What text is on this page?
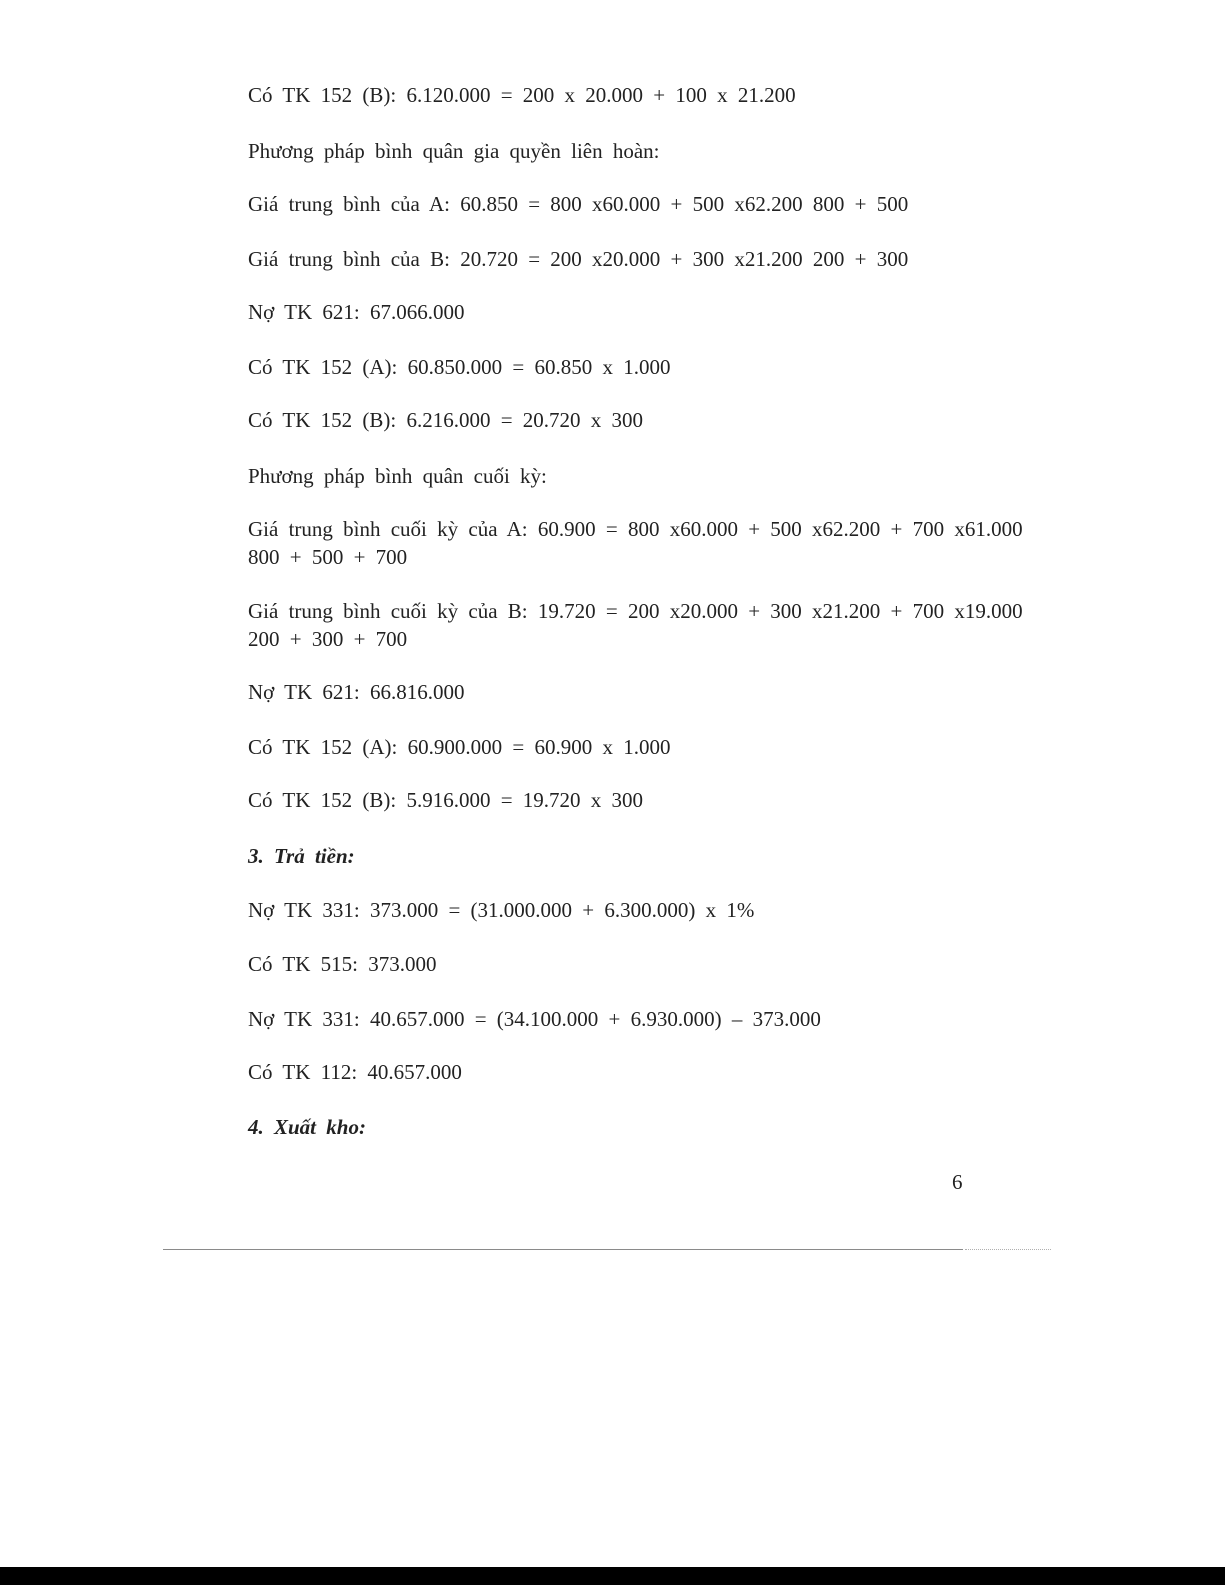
Có TK 152 (B): 6.120.000 = 200 x 20.000 + 100 x 21.200
Phương pháp bình quân gia quyền liên hoàn:
Giá trung bình của A: 60.850 = 800 x60.000 + 500 x62.200 800 + 500
Giá trung bình của B: 20.720 = 200 x20.000 + 300 x21.200 200 + 300
Nợ TK 621: 67.066.000
Có TK 152 (A): 60.850.000 = 60.850 x 1.000
Có TK 152 (B): 6.216.000 = 20.720 x 300
Phương pháp bình quân cuối kỳ:
Giá trung bình cuối kỳ của A: 60.900 = 800 x60.000 + 500 x62.200 + 700 x61.000
800 + 500 + 700
Giá trung bình cuối kỳ của B: 19.720 = 200 x20.000 + 300 x21.200 + 700 x19.000
200 + 300 + 700
Nợ TK 621: 66.816.000
Có TK 152 (A): 60.900.000 = 60.900 x 1.000
Có TK 152 (B): 5.916.000 = 19.720 x 300
3. Trả tiền:
Nợ TK 331: 373.000 = (31.000.000 + 6.300.000) x 1%
Có TK 515: 373.000
Nợ TK 331: 40.657.000 = (34.100.000 + 6.930.000) – 373.000
Có TK 112: 40.657.000
4. Xuất kho:
6
